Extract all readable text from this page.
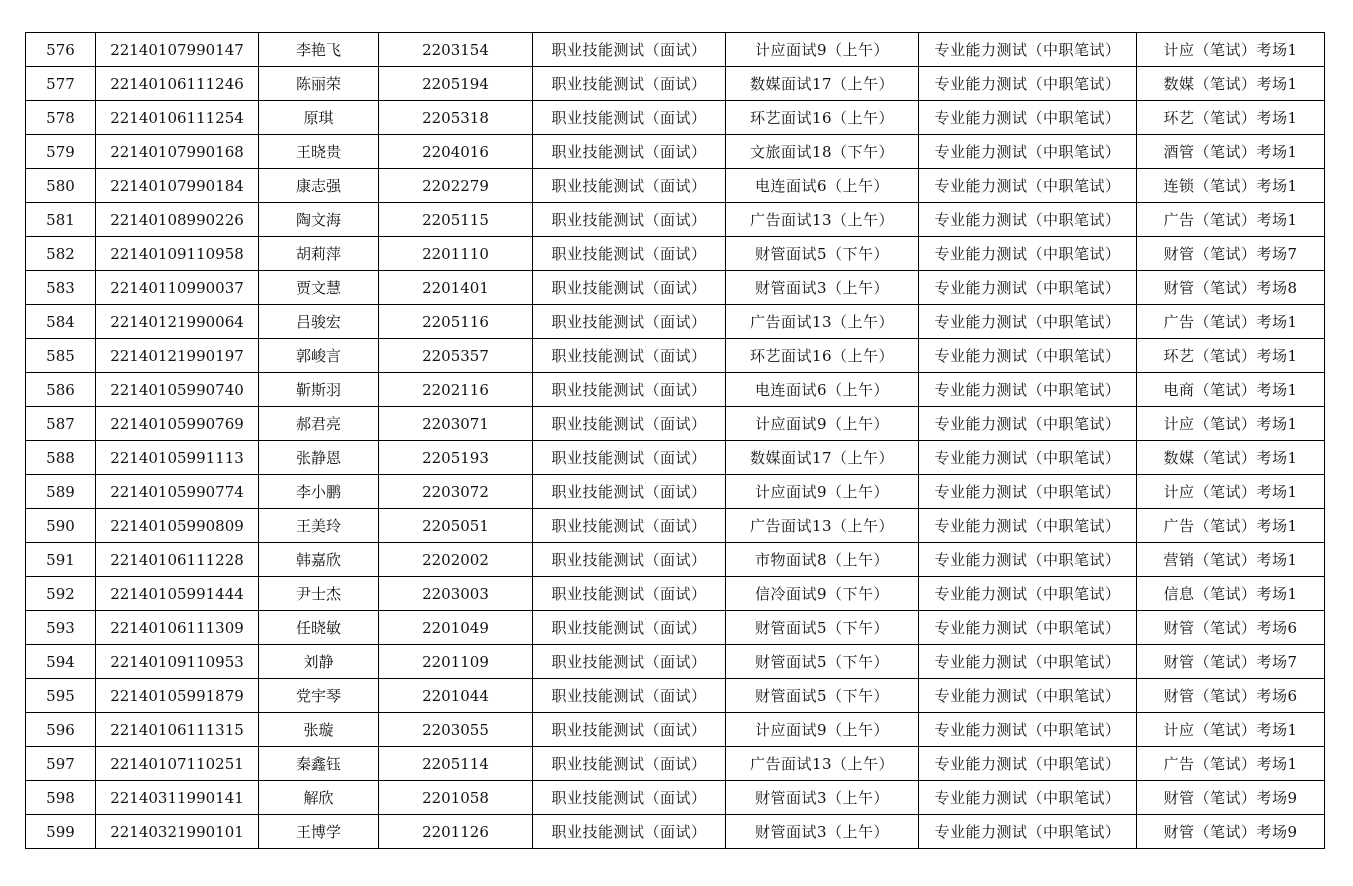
576	22140107990147	李艳飞	2203154	职业技能测试（面试）	计应面试9（上午）	专业能力测试（中职笔试）	计应（笔试）考场1
577	22140106111246	陈丽荣	2205194	职业技能测试（面试）	数媒面试17（上午）	专业能力测试（中职笔试）	数媒（笔试）考场1
578	22140106111254	原琪	2205318	职业技能测试（面试）	环艺面试16（上午）	专业能力测试（中职笔试）	环艺（笔试）考场1
579	22140107990168	王晓贵	2204016	职业技能测试（面试）	文旅面试18（下午）	专业能力测试（中职笔试）	酒管（笔试）考场1
580	22140107990184	康志强	2202279	职业技能测试（面试）	电连面试6（上午）	专业能力测试（中职笔试）	连锁（笔试）考场1
581	22140108990226	陶文海	2205115	职业技能测试（面试）	广告面试13（上午）	专业能力测试（中职笔试）	广告（笔试）考场1
582	22140109110958	胡莉萍	2201110	职业技能测试（面试）	财管面试5（下午）	专业能力测试（中职笔试）	财管（笔试）考场7
583	22140110990037	贾文慧	2201401	职业技能测试（面试）	财管面试3（上午）	专业能力测试（中职笔试）	财管（笔试）考场8
584	22140121990064	吕骏宏	2205116	职业技能测试（面试）	广告面试13（上午）	专业能力测试（中职笔试）	广告（笔试）考场1
585	22140121990197	郭峻言	2205357	职业技能测试（面试）	环艺面试16（上午）	专业能力测试（中职笔试）	环艺（笔试）考场1
586	22140105990740	靳斯羽	2202116	职业技能测试（面试）	电连面试6（上午）	专业能力测试（中职笔试）	电商（笔试）考场1
587	22140105990769	郝君亮	2203071	职业技能测试（面试）	计应面试9（上午）	专业能力测试（中职笔试）	计应（笔试）考场1
588	22140105991113	张静恩	2205193	职业技能测试（面试）	数媒面试17（上午）	专业能力测试（中职笔试）	数媒（笔试）考场1
589	22140105990774	李小鹏	2203072	职业技能测试（面试）	计应面试9（上午）	专业能力测试（中职笔试）	计应（笔试）考场1
590	22140105990809	王美玲	2205051	职业技能测试（面试）	广告面试13（上午）	专业能力测试（中职笔试）	广告（笔试）考场1
591	22140106111228	韩嘉欣	2202002	职业技能测试（面试）	市物面试8（上午）	专业能力测试（中职笔试）	营销（笔试）考场1
592	22140105991444	尹士杰	2203003	职业技能测试（面试）	信冷面试9（下午）	专业能力测试（中职笔试）	信息（笔试）考场1
593	22140106111309	任晓敏	2201049	职业技能测试（面试）	财管面试5（下午）	专业能力测试（中职笔试）	财管（笔试）考场6
594	22140109110953	刘静	2201109	职业技能测试（面试）	财管面试5（下午）	专业能力测试（中职笔试）	财管（笔试）考场7
595	22140105991879	党宇琴	2201044	职业技能测试（面试）	财管面试5（下午）	专业能力测试（中职笔试）	财管（笔试）考场6
596	22140106111315	张璇	2203055	职业技能测试（面试）	计应面试9（上午）	专业能力测试（中职笔试）	计应（笔试）考场1
597	22140107110251	秦鑫钰	2205114	职业技能测试（面试）	广告面试13（上午）	专业能力测试（中职笔试）	广告（笔试）考场1
598	22140311990141	解欣	2201058	职业技能测试（面试）	财管面试3（上午）	专业能力测试（中职笔试）	财管（笔试）考场9
599	22140321990101	王博学	2201126	职业技能测试（面试）	财管面试3（上午）	专业能力测试（中职笔试）	财管（笔试）考场9
